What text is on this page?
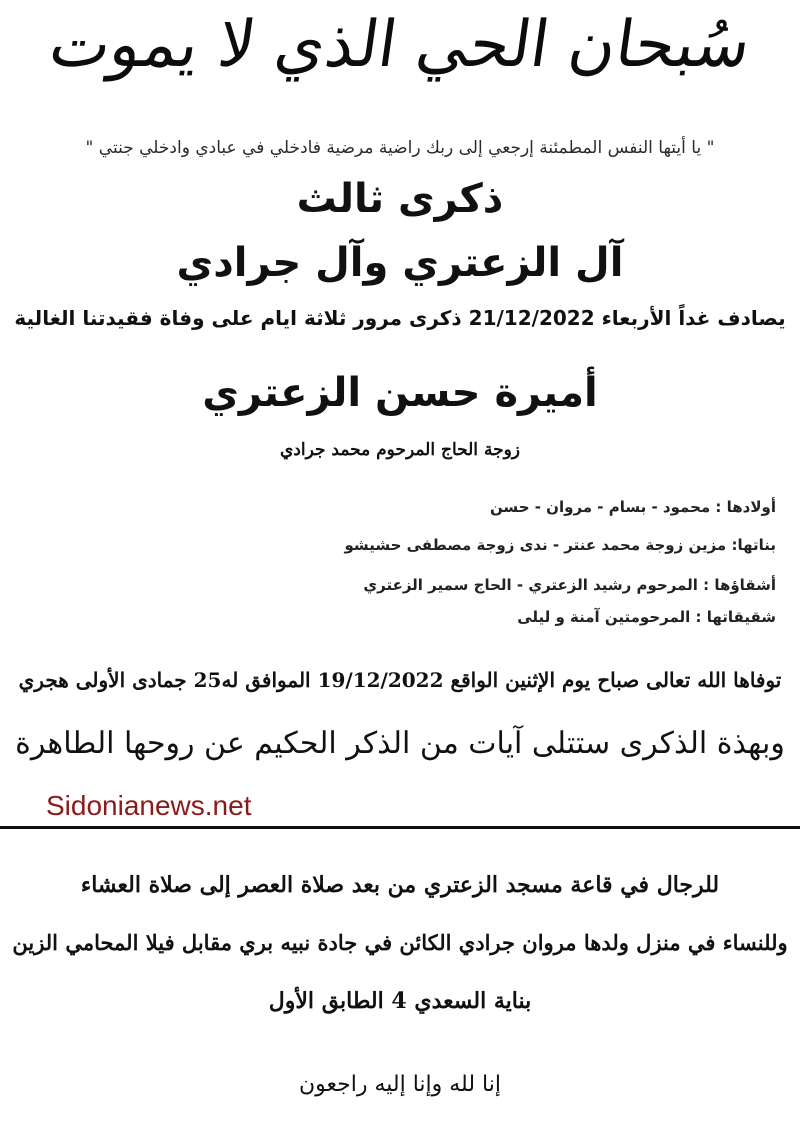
سُبحان الحي الذي لا يموت
" يا أيتها النفس المطمئنة إرجعي إلى ربك راضية مرضية فادخلي في عبادي وادخلي جنتي "
ذكرى ثالث
آل الزعتري وآل جرادي
يصادف غداً الأربعاء 21/12/2022 ذكرى مرور ثلاثة ايام على وفاة فقيدتنا الغالية
أميرة حسن الزعتري
زوجة الحاج المرحوم محمد جرادي
أولادها : محمود - بسام - مروان - حسن
بناتها: مزين زوجة محمد عنتر - ندى زوجة مصطفى حشيشو
أشقاؤها : المرحوم رشيد الزعتري - الحاج سمير الزعتري
شقيقاتها : المرحومتين آمنة و ليلى
توفاها الله تعالى صباح يوم الإثنين الواقع 19/12/2022 الموافق له25 جمادى الأولى هجري
وبهذة الذكرى ستتلى آيات من الذكر الحكيم عن روحها الطاهرة
Sidonianews.net
للرجال في قاعة مسجد الزعتري من بعد صلاة العصر إلى صلاة العشاء
وللنساء في منزل ولدها مروان جرادي الكائن في جادة نبيه بري مقابل فيلا المحامي الزين
بناية السعدي 4 الطابق الأول
إنا لله وإنا إليه راجعون
